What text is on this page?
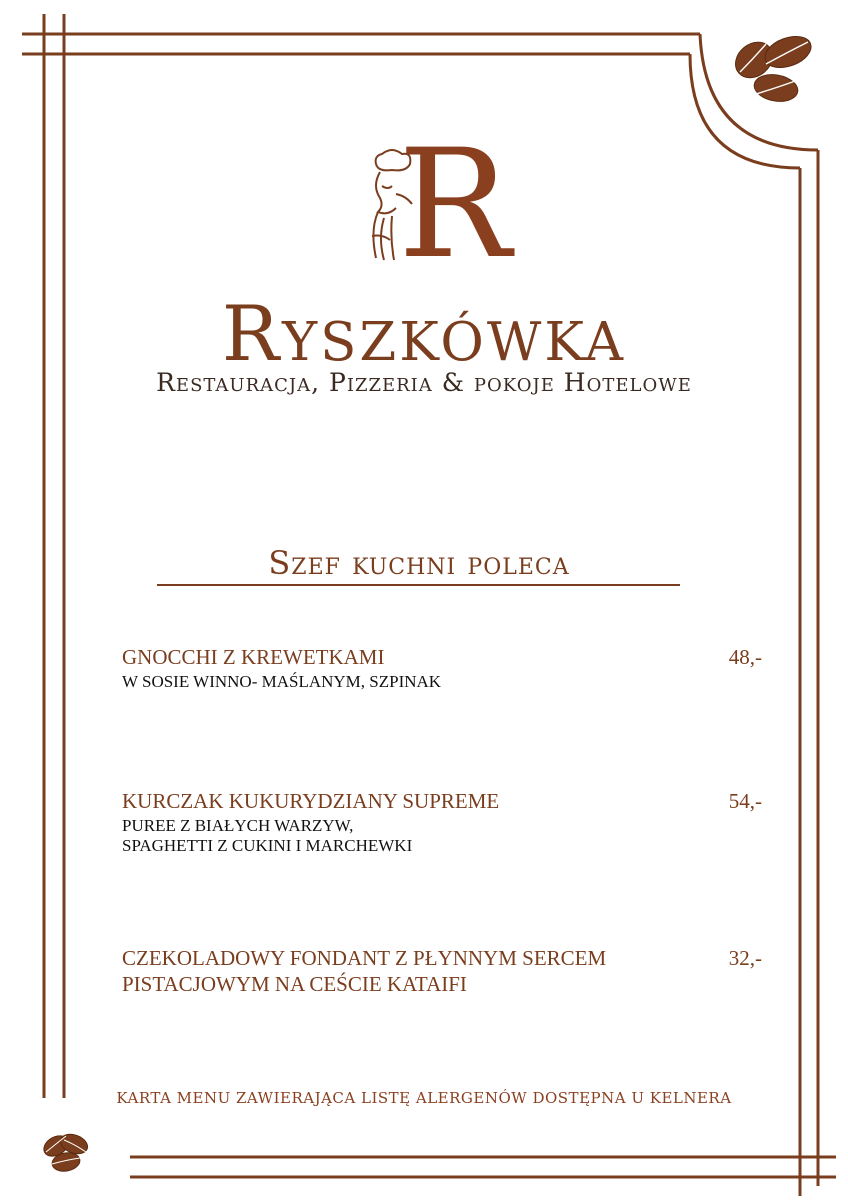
R
Ryszkówka
Restauracja, Pizzeria & pokoje Hotelowe
Szef kuchni poleca
GNOCCHI Z KREWETKAMI
W SOSIE WINNO- MAŚLANYM, SZPINAK
48,-
KURCZAK KUKURYDZIANY SUPREME
PUREE Z BIAŁYCH WARZYW,
SPAGHETTI Z CUKINI I MARCHEWKI
54,-
CZEKOLADOWY FONDANT Z PŁYNNYM SERCEM PISTACJOWYM NA CEŚCIE KATAIFI
32,-
KARTA MENU ZAWIERAJĄCA LISTĘ ALERGENÓW DOSTĘPNA U KELNERA
